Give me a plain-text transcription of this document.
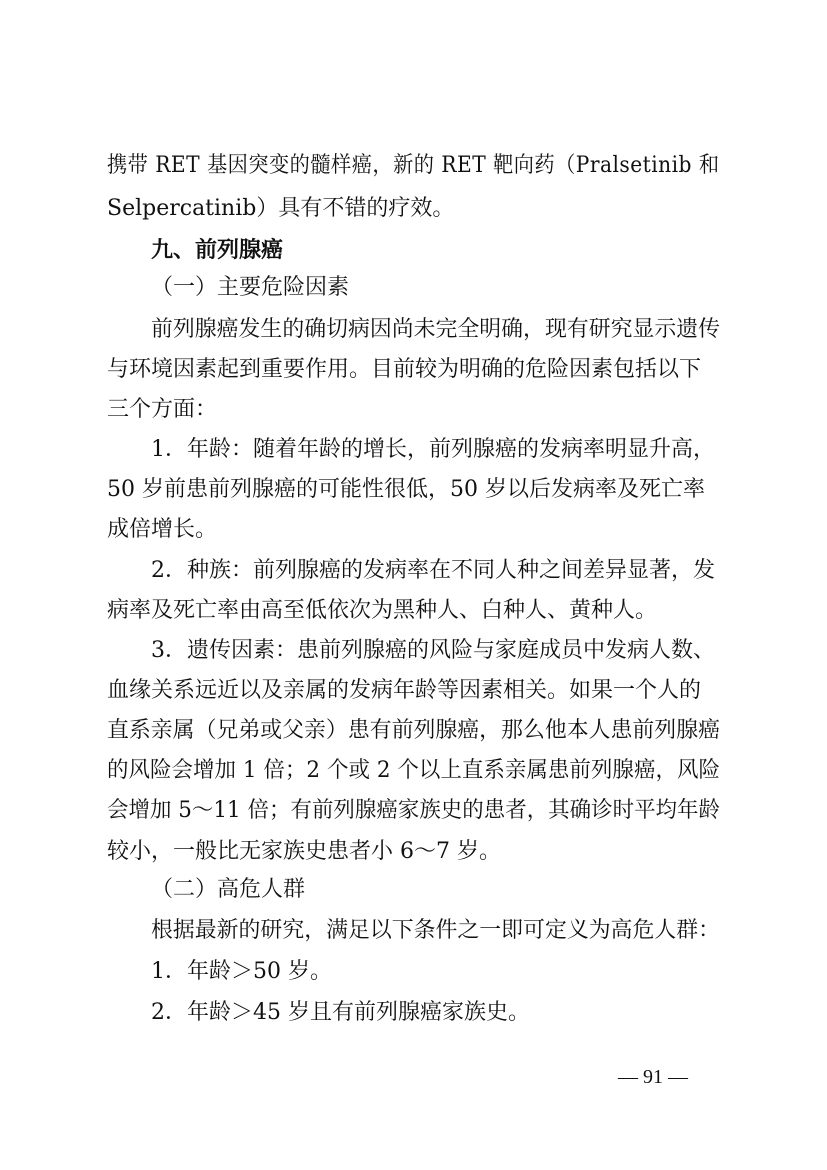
携带 RET 基因突变的髓样癌，新的 RET 靶向药（Pralsetinib 和
Selpercatinib）具有不错的疗效。
九、前列腺癌
（一）主要危险因素
前列腺癌发生的确切病因尚未完全明确，现有研究显示遗传
与环境因素起到重要作用。目前较为明确的危险因素包括以下
三个方面：
1．年龄：随着年龄的增长，前列腺癌的发病率明显升高，
50 岁前患前列腺癌的可能性很低，50 岁以后发病率及死亡率
成倍增长。
2．种族：前列腺癌的发病率在不同人种之间差异显著，发
病率及死亡率由高至低依次为黑种人、白种人、黄种人。
3．遗传因素：患前列腺癌的风险与家庭成员中发病人数、
血缘关系远近以及亲属的发病年龄等因素相关。如果一个人的
直系亲属（兄弟或父亲）患有前列腺癌，那么他本人患前列腺癌
的风险会增加 1 倍；2 个或 2 个以上直系亲属患前列腺癌，风险
会增加 5～11 倍；有前列腺癌家族史的患者，其确诊时平均年龄
较小，一般比无家族史患者小 6～7 岁。
（二）高危人群
根据最新的研究，满足以下条件之一即可定义为高危人群：
1．年龄＞50 岁。
2．年龄＞45 岁且有前列腺癌家族史。
— 91 —
